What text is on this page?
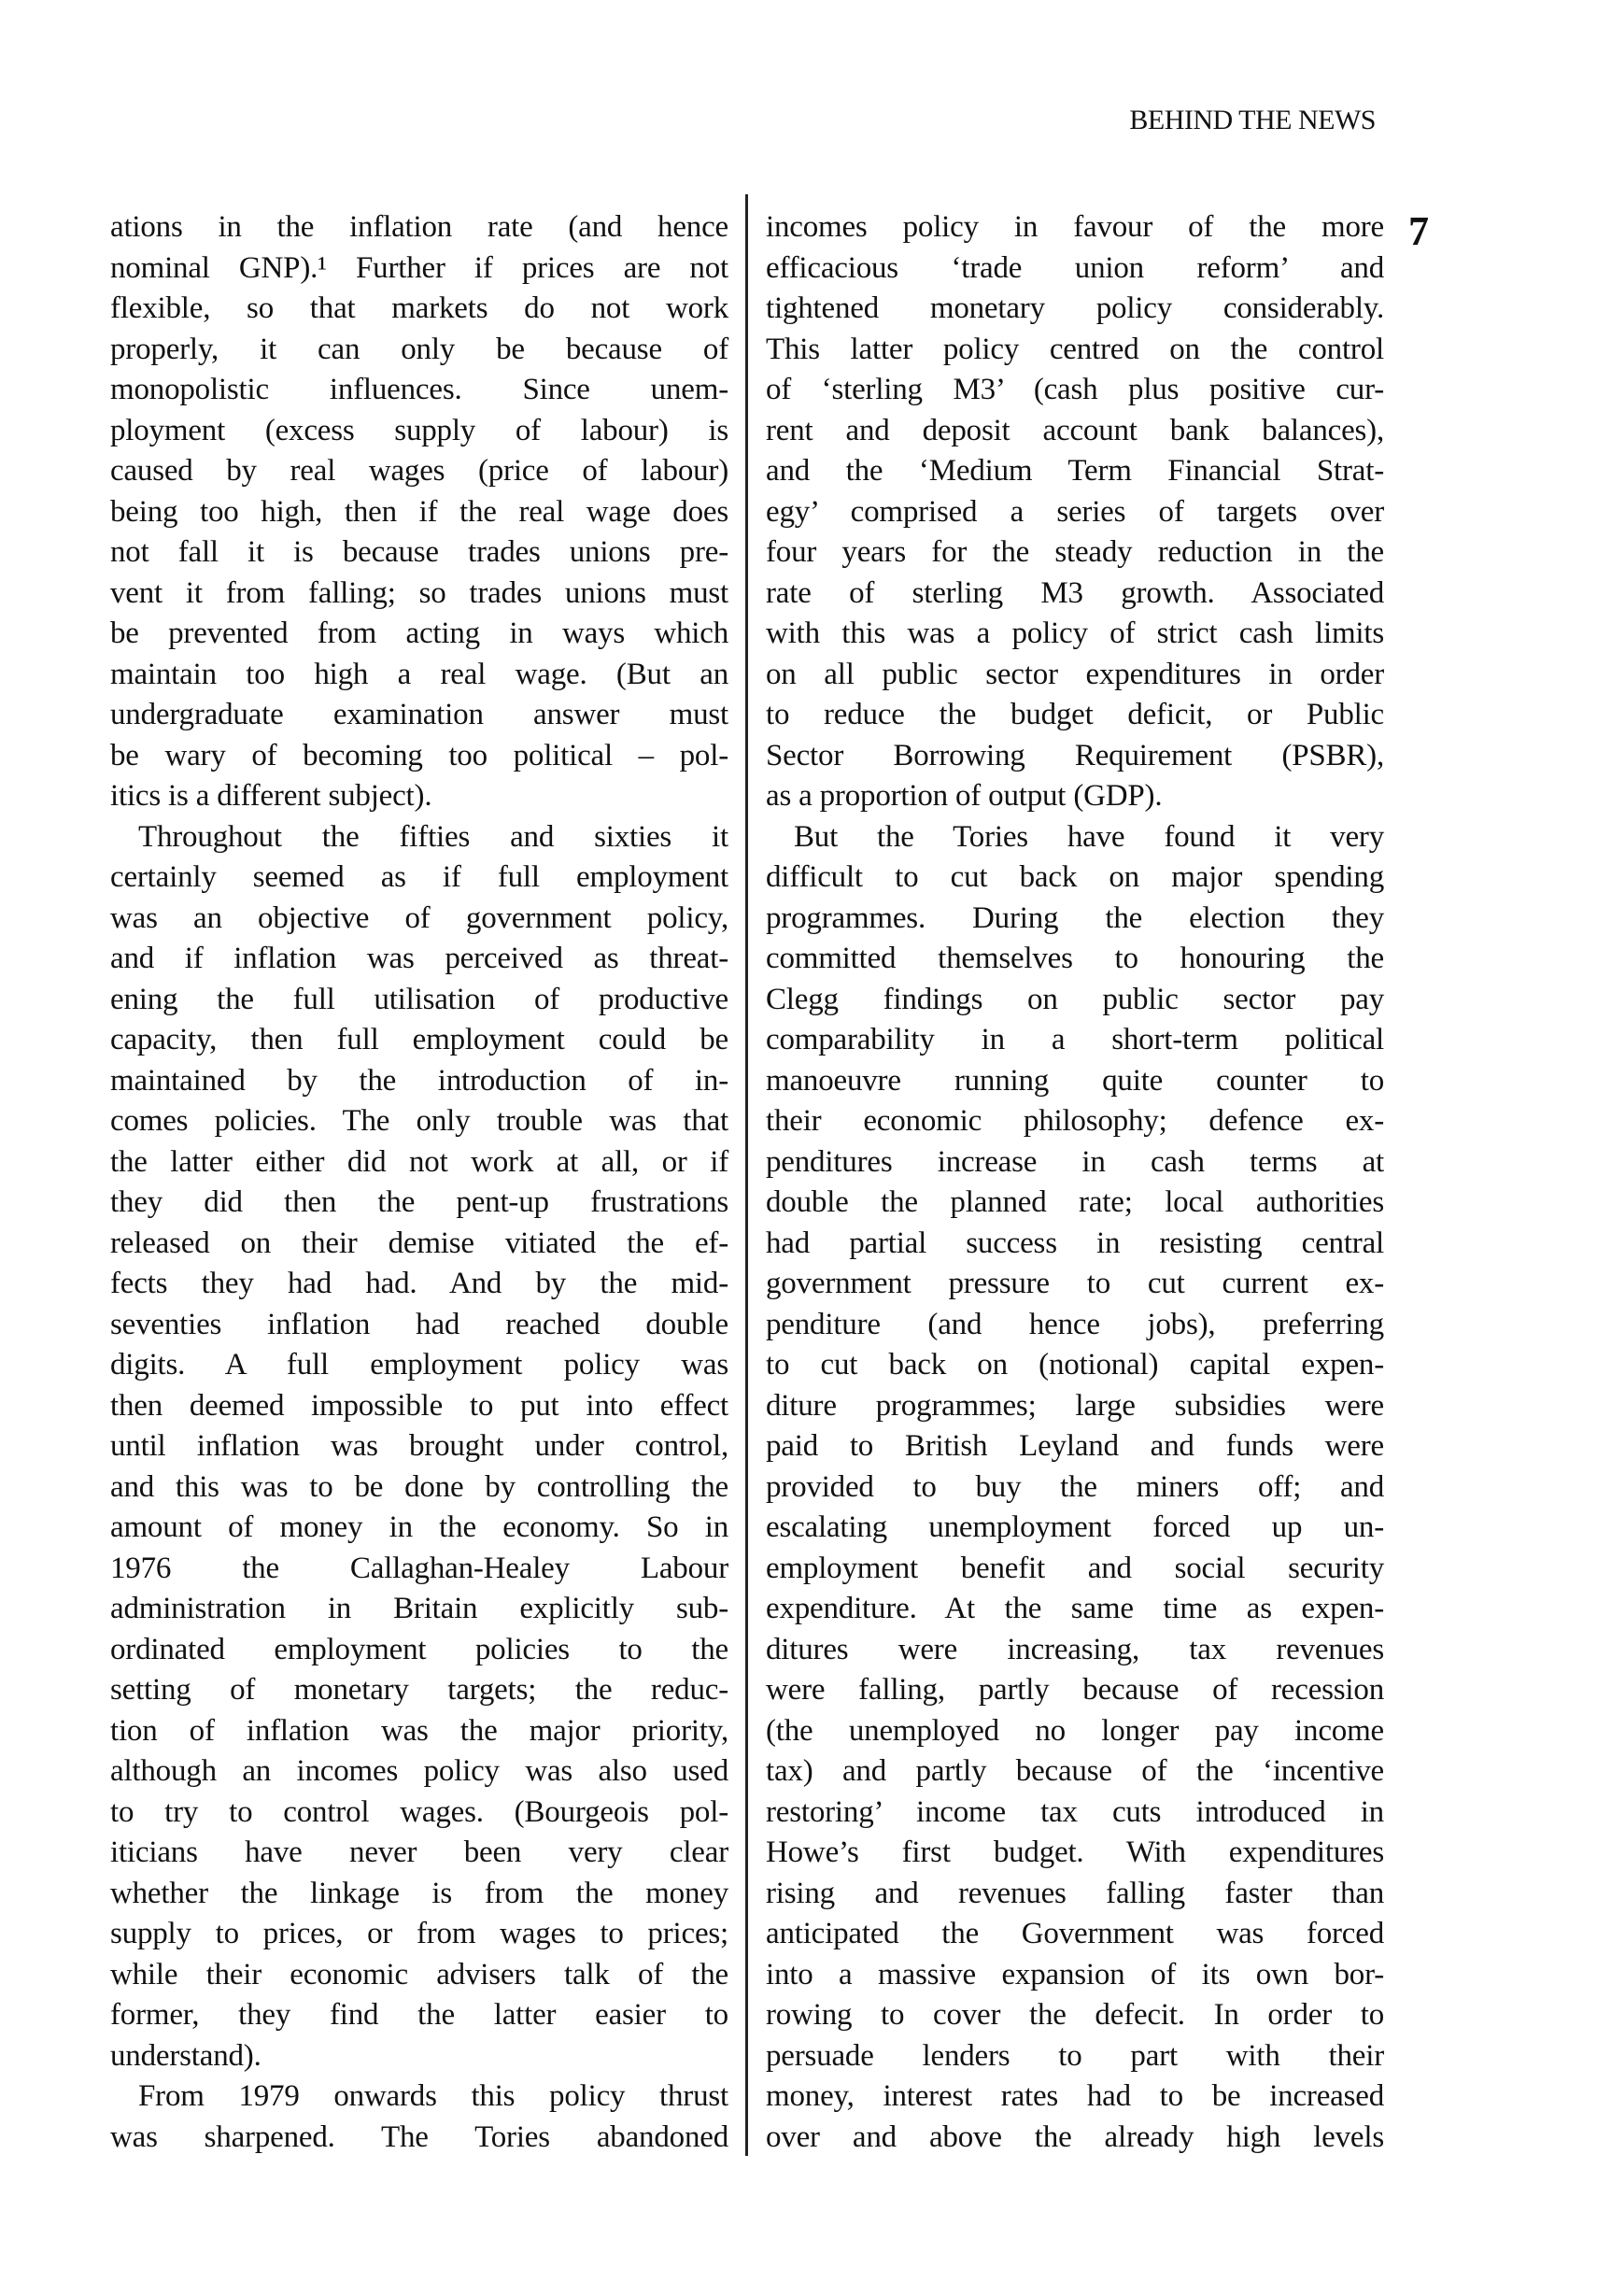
BEHIND THE NEWS
7
ations in the inflation rate (and hence
nominal GNP).¹ Further if prices are not
flexible, so that markets do not work
properly, it can only be because of
monopolistic influences. Since unem-
ployment (excess supply of labour) is
caused by real wages (price of labour)
being too high, then if the real wage does
not fall it is because trades unions pre-
vent it from falling; so trades unions must
be prevented from acting in ways which
maintain too high a real wage. (But an
undergraduate examination answer must
be wary of becoming too political – pol-
itics is a different subject).
Throughout the fifties and sixties it
certainly seemed as if full employment
was an objective of government policy,
and if inflation was perceived as threat-
ening the full utilisation of productive
capacity, then full employment could be
maintained by the introduction of in-
comes policies. The only trouble was that
the latter either did not work at all, or if
they did then the pent-up frustrations
released on their demise vitiated the ef-
fects they had had. And by the mid-
seventies inflation had reached double
digits. A full employment policy was
then deemed impossible to put into effect
until inflation was brought under control,
and this was to be done by controlling the
amount of money in the economy. So in
1976 the Callaghan-Healey Labour
administration in Britain explicitly sub-
ordinated employment policies to the
setting of monetary targets; the reduc-
tion of inflation was the major priority,
although an incomes policy was also used
to try to control wages. (Bourgeois pol-
iticians have never been very clear
whether the linkage is from the money
supply to prices, or from wages to prices;
while their economic advisers talk of the
former, they find the latter easier to
understand).
From 1979 onwards this policy thrust
was sharpened. The Tories abandoned
incomes policy in favour of the more
efficacious ‘trade union reform’ and
tightened monetary policy considerably.
This latter policy centred on the control
of ‘sterling M3’ (cash plus positive cur-
rent and deposit account bank balances),
and the ‘Medium Term Financial Strat-
egy’ comprised a series of targets over
four years for the steady reduction in the
rate of sterling M3 growth. Associated
with this was a policy of strict cash limits
on all public sector expenditures in order
to reduce the budget deficit, or Public
Sector Borrowing Requirement (PSBR),
as a proportion of output (GDP).
But the Tories have found it very
difficult to cut back on major spending
programmes. During the election they
committed themselves to honouring the
Clegg findings on public sector pay
comparability in a short-term political
manoeuvre running quite counter to
their economic philosophy; defence ex-
penditures increase in cash terms at
double the planned rate; local authorities
had partial success in resisting central
government pressure to cut current ex-
penditure (and hence jobs), preferring
to cut back on (notional) capital expen-
diture programmes; large subsidies were
paid to British Leyland and funds were
provided to buy the miners off; and
escalating unemployment forced up un-
employment benefit and social security
expenditure. At the same time as expen-
ditures were increasing, tax revenues
were falling, partly because of recession
(the unemployed no longer pay income
tax) and partly because of the ‘incentive
restoring’ income tax cuts introduced in
Howe’s first budget. With expenditures
rising and revenues falling faster than
anticipated the Government was forced
into a massive expansion of its own bor-
rowing to cover the defecit. In order to
persuade lenders to part with their
money, interest rates had to be increased
over and above the already high levels
